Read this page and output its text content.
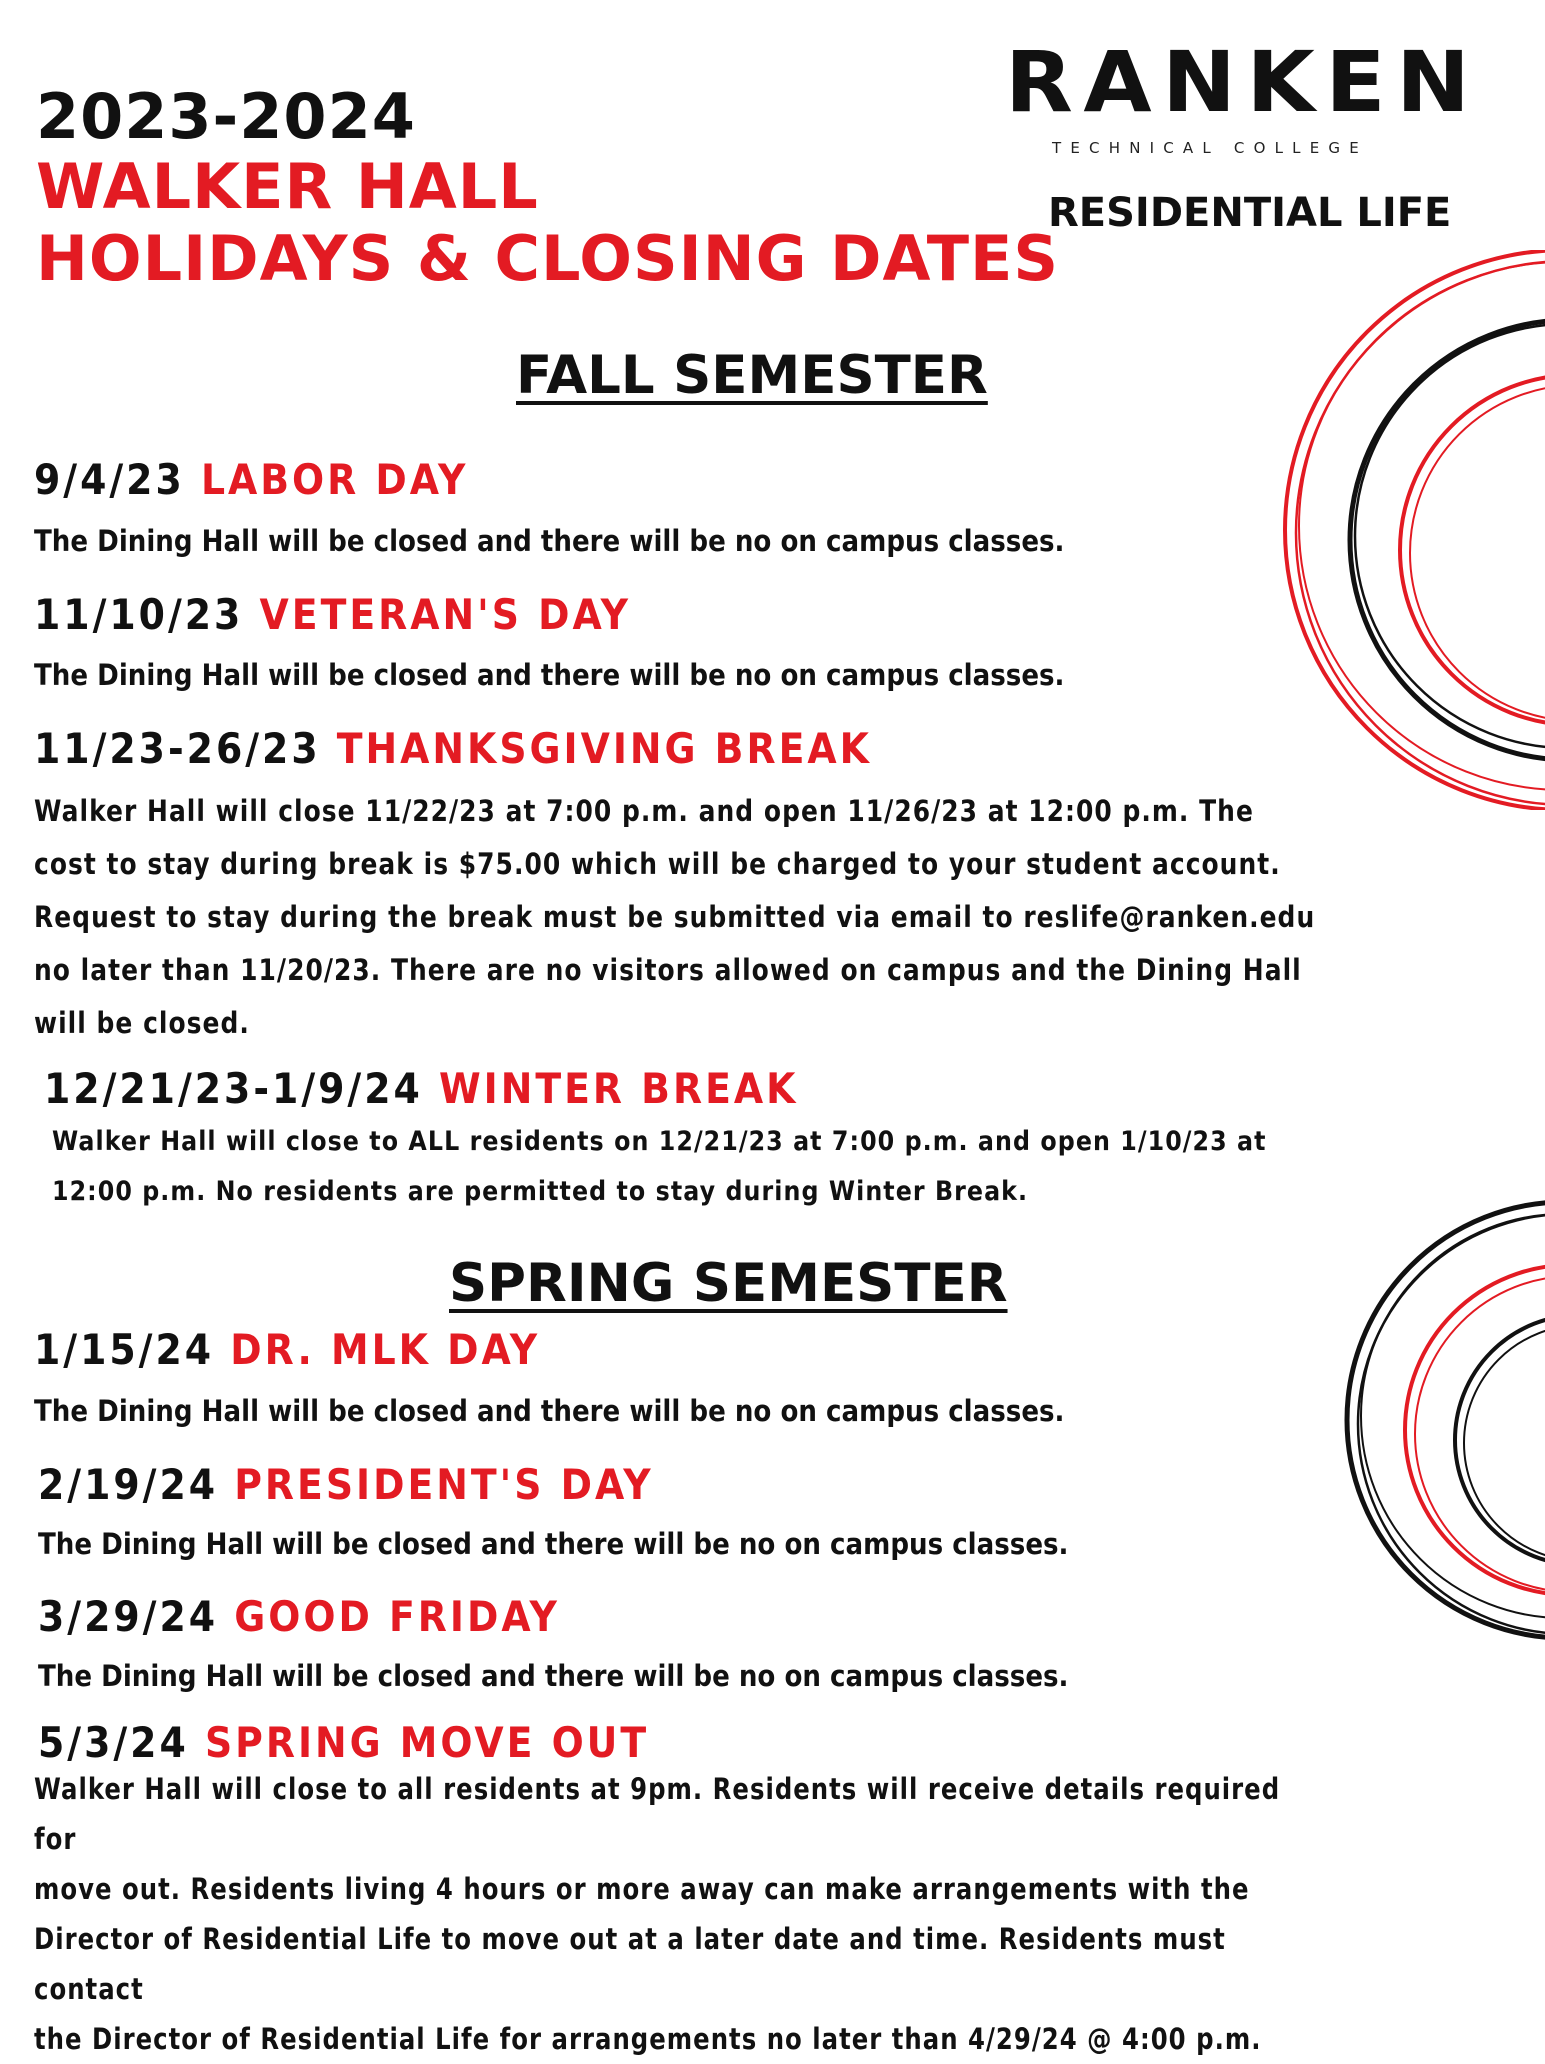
2023-2024
WALKER HALL
HOLIDAYS & CLOSING DATES
RANKEN
TECHNICAL COLLEGE
RESIDENTIAL LIFE
FALL SEMESTER
9/4/23 LABOR DAY
The Dining Hall will be closed and there will be no on campus classes.
11/10/23 VETERAN'S DAY
The Dining Hall will be closed and there will be no on campus classes.
11/23-26/23 THANKSGIVING BREAK
Walker Hall will close 11/22/23 at 7:00 p.m. and open 11/26/23 at 12:00 p.m. The
cost to stay during break is $75.00 which will be charged to your student account.
Request to stay during the break must be submitted via email to reslife@ranken.edu
no later than 11/20/23. There are no visitors allowed on campus and the Dining Hall
will be closed.
12/21/23-1/9/24 WINTER BREAK
Walker Hall will close to ALL residents on 12/21/23 at 7:00 p.m. and open 1/10/23 at
12:00 p.m. No residents are permitted to stay during Winter Break.
SPRING SEMESTER
1/15/24 DR. MLK DAY
The Dining Hall will be closed and there will be no on campus classes.
2/19/24 PRESIDENT'S DAY
The Dining Hall will be closed and there will be no on campus classes.
3/29/24 GOOD FRIDAY
The Dining Hall will be closed and there will be no on campus classes.
5/3/24 SPRING MOVE OUT
Walker Hall will close to all residents at 9pm. Residents will receive details required for
move out. Residents living 4 hours or more away can make arrangements with the
Director of Residential Life to move out at a later date and time. Residents must contact
the Director of Residential Life for arrangements no later than 4/29/24 @ 4:00 p.m.
